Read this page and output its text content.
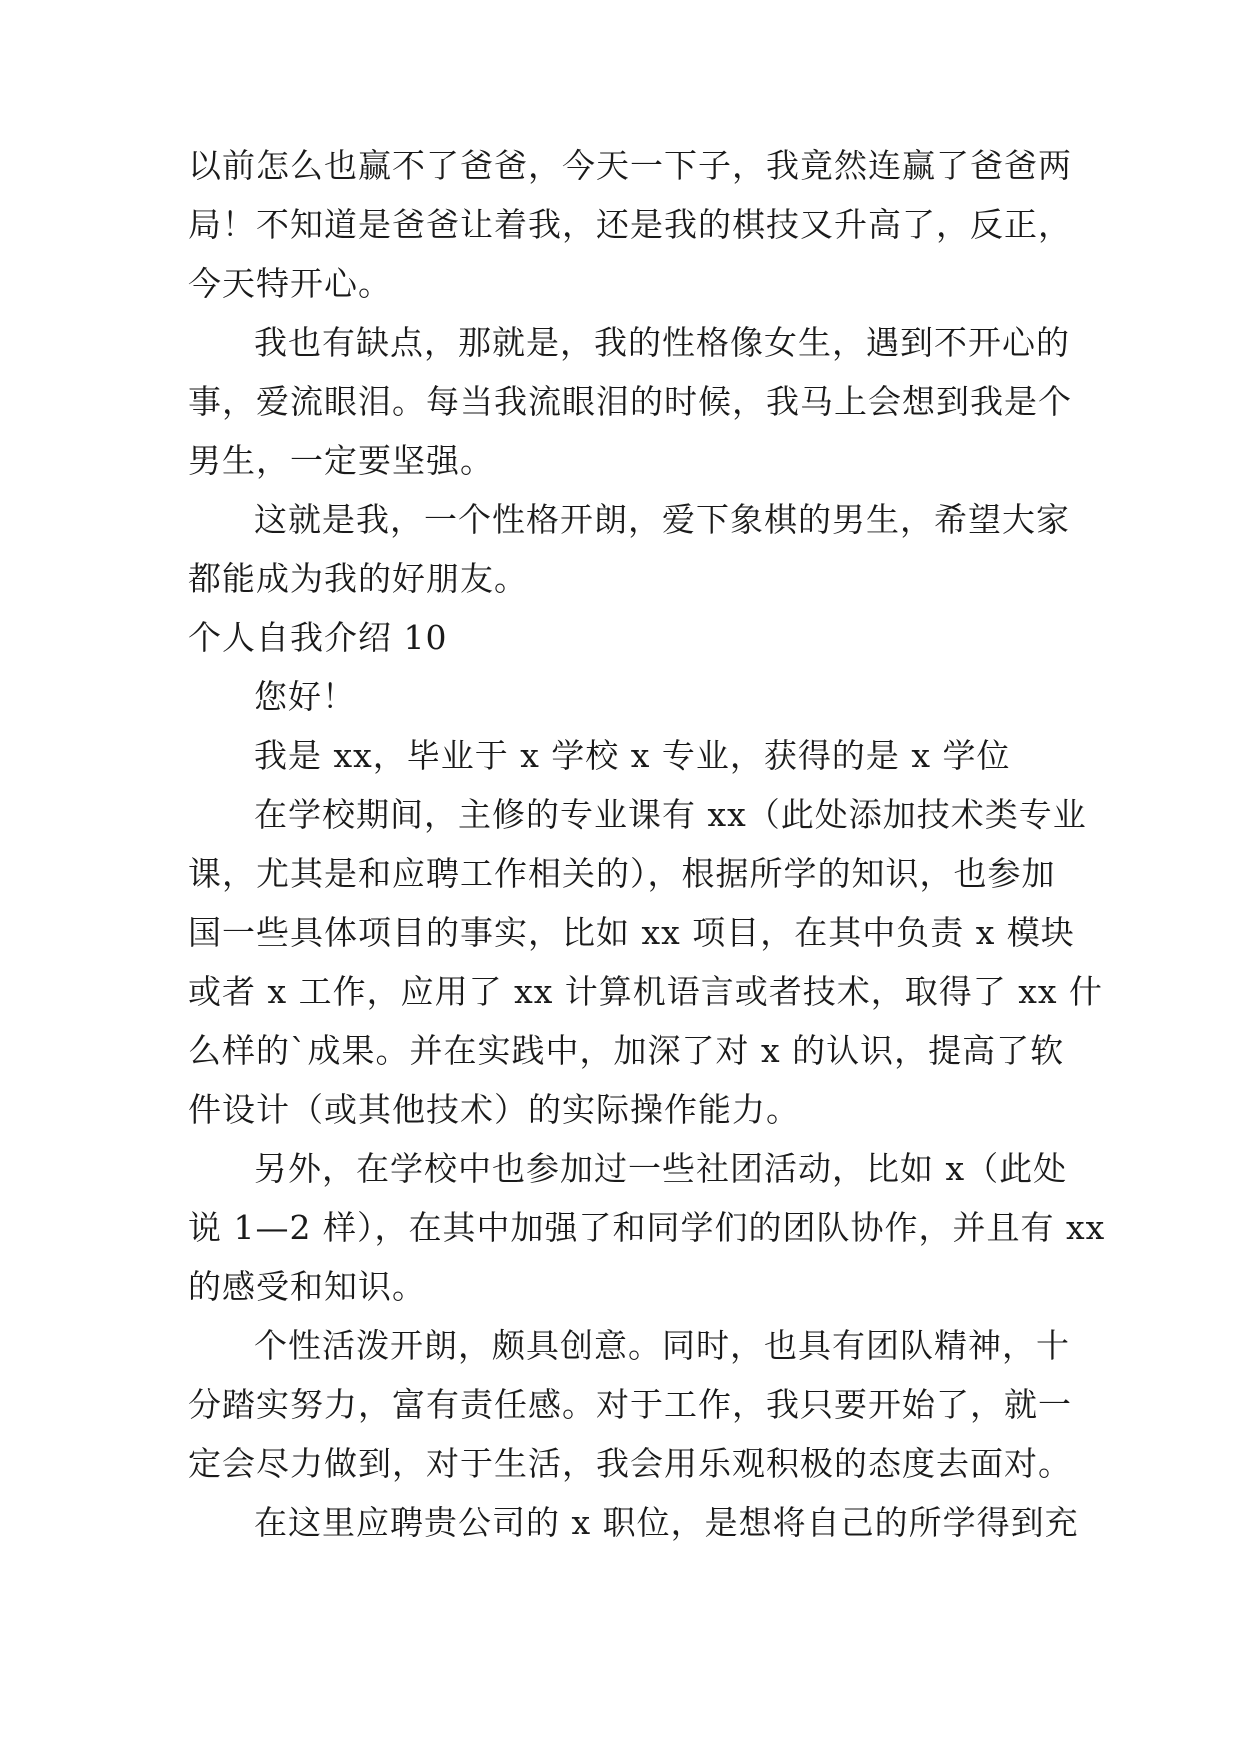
以前怎么也赢不了爸爸，今天一下子，我竟然连赢了爸爸两
局！不知道是爸爸让着我，还是我的棋技又升高了，反正，
今天特开心。
我也有缺点，那就是，我的性格像女生，遇到不开心的
事，爱流眼泪。每当我流眼泪的时候，我马上会想到我是个
男生，一定要坚强。
这就是我，一个性格开朗，爱下象棋的男生，希望大家
都能成为我的好朋友。
个人自我介绍 10
您好！
我是 xx，毕业于 x 学校 x 专业，获得的是 x 学位
在学校期间，主修的专业课有 xx（此处添加技术类专业
课，尤其是和应聘工作相关的），根据所学的知识，也参加
国一些具体项目的事实，比如 xx 项目，在其中负责 x 模块
或者 x 工作，应用了 xx 计算机语言或者技术，取得了 xx 什
么样的`成果。并在实践中，加深了对 x 的认识，提高了软
件设计（或其他技术）的实际操作能力。
另外，在学校中也参加过一些社团活动，比如 x（此处
说 1—2 样），在其中加强了和同学们的团队协作，并且有 xx
的感受和知识。
个性活泼开朗，颇具创意。同时，也具有团队精神，十
分踏实努力，富有责任感。对于工作，我只要开始了，就一
定会尽力做到，对于生活，我会用乐观积极的态度去面对。
在这里应聘贵公司的 x 职位，是想将自己的所学得到充
